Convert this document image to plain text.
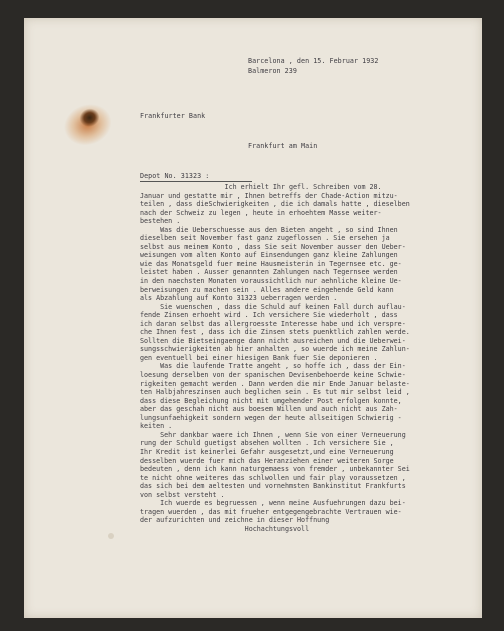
Barcelona , den 15. Februar 1932
Balmeron 239
Frankfurter Bank
Frankfurt am Main
Depot No. 31323 :
Ich erhielt Ihr gefl. Schreiben vom 28.
Januar und gestatte mir , Ihnen betreffs der Chade-Action mitzu-
teilen , dass dieSchwierigkeiten , die ich damals hatte , dieselben
nach der Schweiz zu legen , heute in erhoehtem Masse weiter-
bestehen .
Was die Ueberschuesse aus den Bieten angeht , so sind Ihnen
dieselben seit November fast ganz zugeflossen . Sie ersehen ja
selbst aus meinem Konto , dass Sie seit November ausser den Ueber-
weisungen vom alten Konto auf Einsendungen ganz kleine Zahlungen
wie das Monatsgeld fuer meine Hausmeisterin in Tegernsee etc. ge-
leistet haben . Ausser genannten Zahlungen nach Tegernsee werden
in den naechsten Monaten voraussichtlich nur aehnliche kleine Ue-
berweisungen zu machen sein . Alles andere eingehende Geld kann
als Abzahlung auf Konto 31323 ueberragen werden .
Sie wuenschen , dass die Schuld auf keinen Fall durch auflau-
fende Zinsen erhoeht wird . Ich versichere Sie wiederholt , dass
ich daran selbst das allergroesste Interesse habe und ich verspre-
che Ihnen fest , dass ich die Zinsen stets puenktlich zahlen werde.
Sollten die Bietseingaenge dann nicht ausreichen und die Ueberwei-
sungsschwierigkeiten ab hier anhalten , so wuerde ich meine Zahlun-
gen eventuell bei einer hiesigen Bank fuer Sie deponieren .
Was die laufende Tratte angeht , so hoffe ich , dass der Ein-
loesung derselben von der spanischen Devisenbehoerde keine Schwie-
rigkeiten gemacht werden . Dann werden die mir Ende Januar belaste-
ten Halbjahreszinsen auch beglichen sein . Es tut mir selbst leid ,
dass diese Begleichung nicht mit umgehender Post erfolgen konnte,
aber das geschah nicht aus boesem Willen und auch nicht aus Zah-
lungsunfaehigkeit sondern wegen der heute allseitigen Schwierig -
keiten .
Sehr dankbar waere ich Ihnen , wenn Sie von einer Verneuerung
rung der Schuld guetigst absehen wollten . Ich versichere Sie ,
Ihr Kredit ist keinerlei Gefahr ausgesetzt,und eine Verneuerung
desselben wuerde fuer mich das Heranziehen einer weiteren Sorge
bedeuten , denn ich kann naturgemaess von fremder , unbekannter Sei
te nicht ohne weiteres das schlwollen und fair play voraussetzen ,
das sich bei dem aeltesten und vornehmsten Bankinstitut Frankfurts
von selbst versteht .
Ich wuerde es begruessen , wenn meine Ausfuehrungen dazu bei-
tragen wuerden , das mit frueher entgegengebrachte Vertrauen wie-
der aufzurichten und zeichne in dieser Hoffnung
Hochachtungsvoll
